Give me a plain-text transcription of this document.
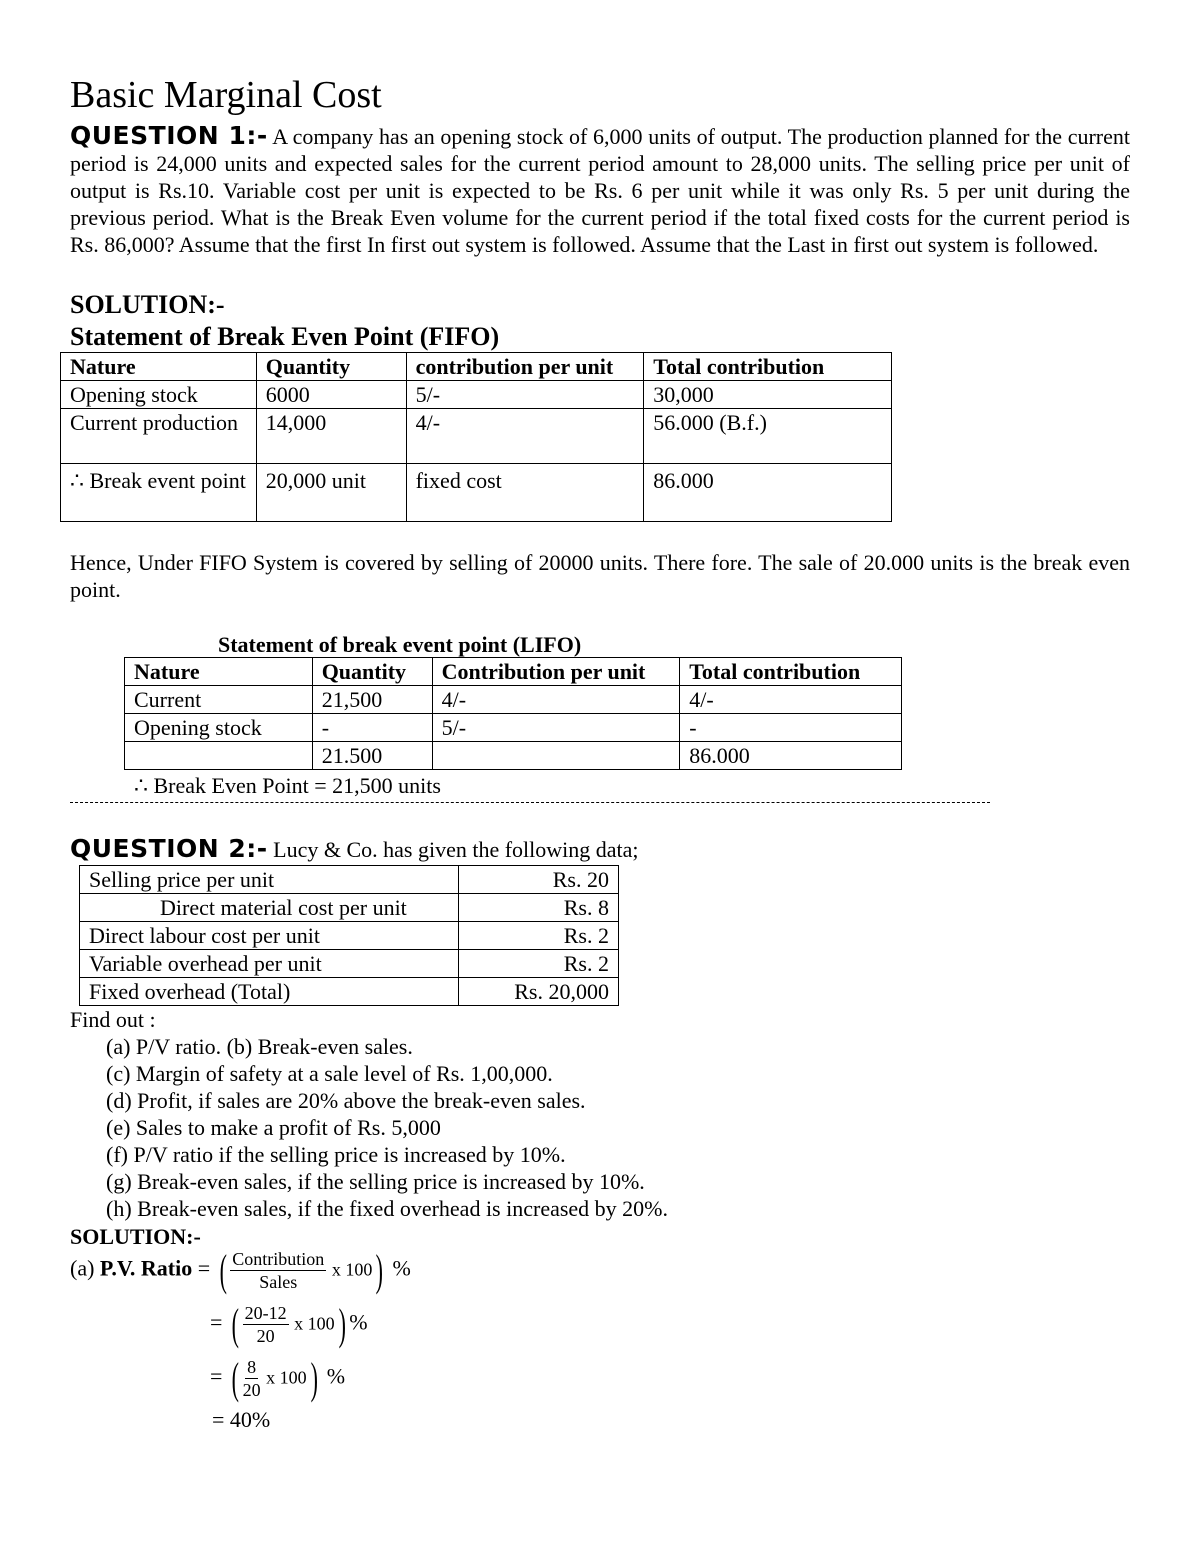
Basic Marginal Cost
QUESTION 1:- A company has an opening stock of 6,000 units of output. The production planned for the current period is 24,000 units and expected sales for the current period amount to 28,000 units. The selling price per unit of output is Rs.10. Variable cost per unit is expected to be Rs. 6 per unit while it was only Rs. 5 per unit during the previous period. What is the Break Even volume for the current period if the total fixed costs for the current period is Rs. 86,000? Assume that the first In first out system is followed. Assume that the Last in first out system is followed.
SOLUTION:-
Statement of Break Even Point (FIFO)
Nature	Quantity	contribution per unit	Total contribution
Opening stock	6000	5/-	30,000
Current production	14,000	4/-	56.000 (B.f.)
∴ Break event point	20,000 unit	fixed cost	86.000
Hence, Under FIFO System is covered by selling of 20000 units. There fore. The sale of 20.000 units is the break even point.
Statement of break event point (LIFO)
Nature	Quantity	Contribution per unit	Total contribution
Current	21,500	4/-	4/-
Opening stock	-	5/-	-
	21.500		86.000
∴ Break Even Point = 21,500 units
QUESTION 2:- Lucy & Co. has given the following data;
Selling price per unit	Rs. 20
Direct material cost per unit	Rs. 8
Direct labour cost per unit	Rs. 2
Variable overhead per unit	Rs. 2
Fixed overhead (Total)	Rs. 20,000
Find out :
(a) P/V ratio. (b) Break-even sales.
(c) Margin of safety at a sale level of Rs. 1,00,000.
(d) Profit, if sales are 20% above the break-even sales.
(e) Sales to make a profit of Rs. 5,000
(f) P/V ratio if the selling price is increased by 10%.
(g) Break-even sales, if the selling price is increased by 10%.
(h) Break-even sales, if the fixed overhead is increased by 20%.
SOLUTION:-
(a) P.V. Ratio = ( $\frac{\text{Contribution}}{\text{Sales}}$ x 100) %
= ( $\frac{20-12}{20}$ x 100) %
= ( $\frac{8}{20}$ x 100) %
= 40%
